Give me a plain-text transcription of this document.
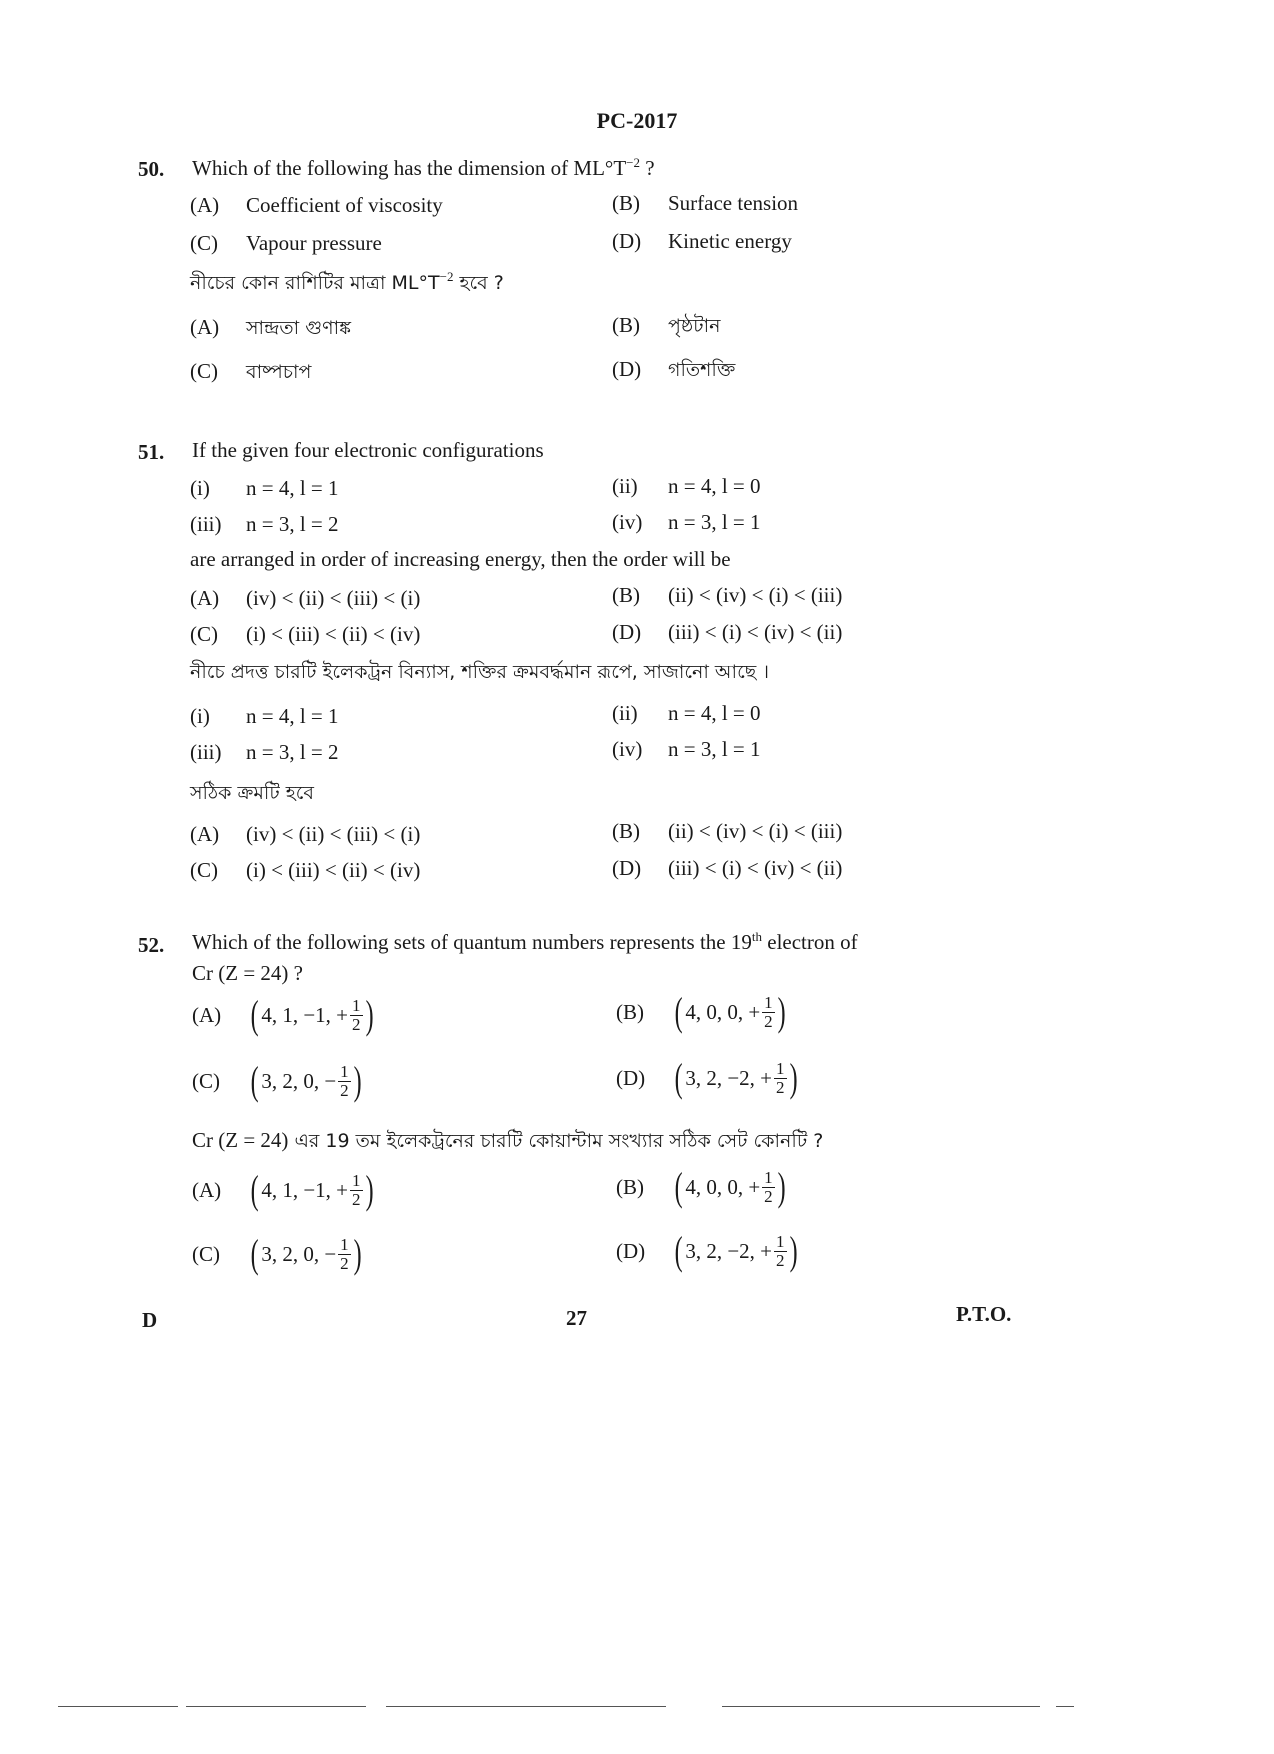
PC-2017
50. Which of the following has the dimension of $ML^\circ T^{-2}$ ?
(A) Coefficient of viscosity	(B) Surface tension
(C) Vapour pressure	(D) Kinetic energy
নীচের কোন রাশিটির মাত্রা $ML^\circ T^{-2}$ হবে ?
(A) সান্দ্রতা গুণাঙ্ক	(B) পৃষ্ঠটান
(C) বাষ্পচাপ	(D) গতিশক্তি
51. If the given four electronic configurations
(i) n = 4, l = 1	(ii) n = 4, l = 0
(iii) n = 3, l = 2	(iv) n = 3, l = 1
are arranged in order of increasing energy, then the order will be
(A) (iv) < (ii) < (iii) < (i)	(B) (ii) < (iv) < (i) < (iii)
(C) (i) < (iii) < (ii) < (iv)	(D) (iii) < (i) < (iv) < (ii)
নীচে প্রদত্ত চারটি ইলেকট্রন বিন্যাস, শক্তির ক্রমবর্দ্ধমান রূপে, সাজানো আছে ।
(i) n = 4, l = 1	(ii) n = 4, l = 0
(iii) n = 3, l = 2	(iv) n = 3, l = 1
সঠিক ক্রমটি হবে
(A) (iv) < (ii) < (iii) < (i)	(B) (ii) < (iv) < (i) < (iii)
(C) (i) < (iii) < (ii) < (iv)	(D) (iii) < (i) < (iv) < (ii)
52. Which of the following sets of quantum numbers represents the 19th electron of
Cr (Z = 24) ?
(A) ( 4, 1, −1, + $\frac{1}{2}$ )	(B) ( 4, 0, 0, + $\frac{1}{2}$ )
(C) ( 3, 2, 0, − $\frac{1}{2}$ )	(D) ( 3, 2, −2, + $\frac{1}{2}$ )
Cr (Z = 24) এর 19 তম ইলেকট্রনের চারটি কোয়ান্টাম সংখ্যার সঠিক সেট কোনটি ?
(A) ( 4, 1, −1, + $\frac{1}{2}$ )	(B) ( 4, 0, 0, + $\frac{1}{2}$ )
(C) ( 3, 2, 0, − $\frac{1}{2}$ )	(D) ( 3, 2, −2, + $\frac{1}{2}$ )
D	27	P.T.O.
